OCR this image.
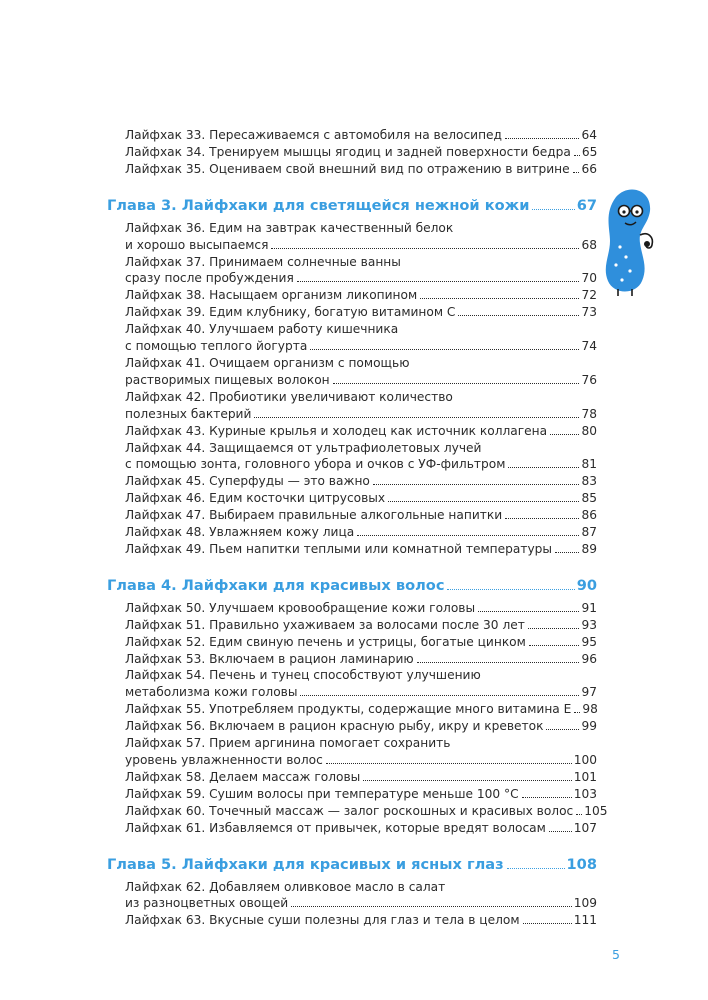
Лайфхак 33. Пересаживаемся с автомобиля на велосипед	64
Лайфхак 34. Тренируем мышцы ягодиц и задней поверхности бедра 65
Лайфхак 35. Оцениваем свой внешний вид по отражению в витрине 66
Глава 3. Лайфхаки для светящейся нежной кожи	67
Лайфхак 36. Едим на завтрак качественный белок
и хорошо высыпаемся	68
Лайфхак 37. Принимаем солнечные ванны
сразу после пробуждения	70
Лайфхак 38. Насыщаем организм ликопином	72
Лайфхак 39. Едим клубнику, богатую витамином С	73
Лайфхак 40. Улучшаем работу кишечника
с помощью теплого йогурта	74
Лайфхак 41. Очищаем организм с помощью
растворимых пищевых волокон	76
Лайфхак 42. Пробиотики увеличивают количество
полезных бактерий	78
Лайфхак 43. Куриные крылья и холодец как источник коллагена	80
Лайфхак 44. Защищаемся от ультрафиолетовых лучей
с помощью зонта, головного убора и очков с УФ-фильтром	81
Лайфхак 45. Суперфуды — это важно	83
Лайфхак 46. Едим косточки цитрусовых	85
Лайфхак 47. Выбираем правильные алкогольные напитки	86
Лайфхак 48. Увлажняем кожу лица	87
Лайфхак 49. Пьем напитки теплыми или комнатной температуры 89
Глава 4. Лайфхаки для красивых волос	90
Лайфхак 50. Улучшаем кровообращение кожи головы	91
Лайфхак 51. Правильно ухаживаем за волосами после 30 лет	93
Лайфхак 52. Едим свиную печень и устрицы, богатые цинком	95
Лайфхак 53. Включаем в рацион ламинарию	96
Лайфхак 54. Печень и тунец способствуют улучшению
метаболизма кожи головы	97
Лайфхак 55. Употребляем продукты, содержащие много витамина Е 98
Лайфхак 56. Включаем в рацион красную рыбу, икру и креветок	99
Лайфхак 57. Прием аргинина помогает сохранить
уровень увлажненности волос	100
Лайфхак 58. Делаем массаж головы	101
Лайфхак 59. Сушим волосы при температуре меньше 100 °С	103
Лайфхак 60. Точечный массаж — залог роскошных и красивых волос 105
Лайфхак 61. Избавляемся от привычек, которые вредят волосам 107
Глава 5. Лайфхаки для красивых и ясных глаз	108
Лайфхак 62. Добавляем оливковое масло в салат
из разноцветных овощей	109
Лайфхак 63. Вкусные суши полезны для глаз и тела в целом	111
5
